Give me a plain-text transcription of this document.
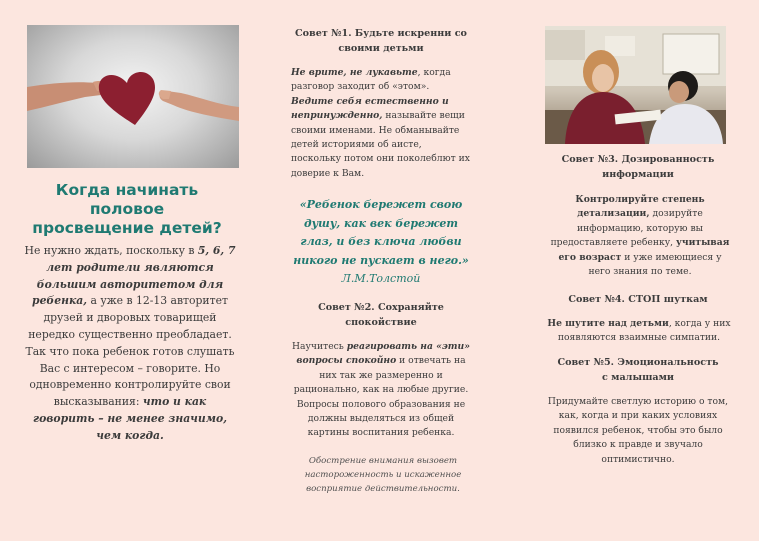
Когда начинать половое просвещение детей?
Не нужно ждать, поскольку в 5, 6, 7 лет родители являются большим авторитетом для ребенка, а уже в 12-13 авторитет друзей и дворовых товарищей нередко существенно преобладает. Так что пока ребенок готов слушать Вас с интересом – говорите. Но одновременно контролируйте свои высказывания: что и как говорить – не менее значимо, чем когда.
Совет №1. Будьте искренни со своими детьми
Не врите, не лукавьте, когда разговор заходит об «этом». Ведите себя естественно и непринужденно, называйте вещи своими именами. Не обманывайте детей историями об аисте, поскольку потом они поколеблют их доверие к Вам.
«Ребенок бережет свою душу, как век бережет глаз, и без ключа любви никого не пускает в него.»
Л.М.Толстой
Совет №2. Сохраняйте спокойствие
Научитесь реагировать на «эти» вопросы спокойно и отвечать на них так же размеренно и рационально, как на любые другие. Вопросы полового образования не должны выделяться из общей картины воспитания ребенка.
Обострение внимания вызовет настороженность и искаженное восприятие действительности.
Совет №3. Дозированность информации
Контролируйте степень детализации, дозируйте информацию, которую вы предоставляете ребенку, учитывая его возраст и уже имеющиеся у него знания по теме.
Совет №4. СТОП шуткам
Не шутите над детьми, когда у них появляются взаимные симпатии.
Совет №5. Эмоциональность с малышами
Придумайте светлую историю о том, как, когда и при каких условиях появился ребенок, чтобы это было близко к правде и звучало оптимистично.
